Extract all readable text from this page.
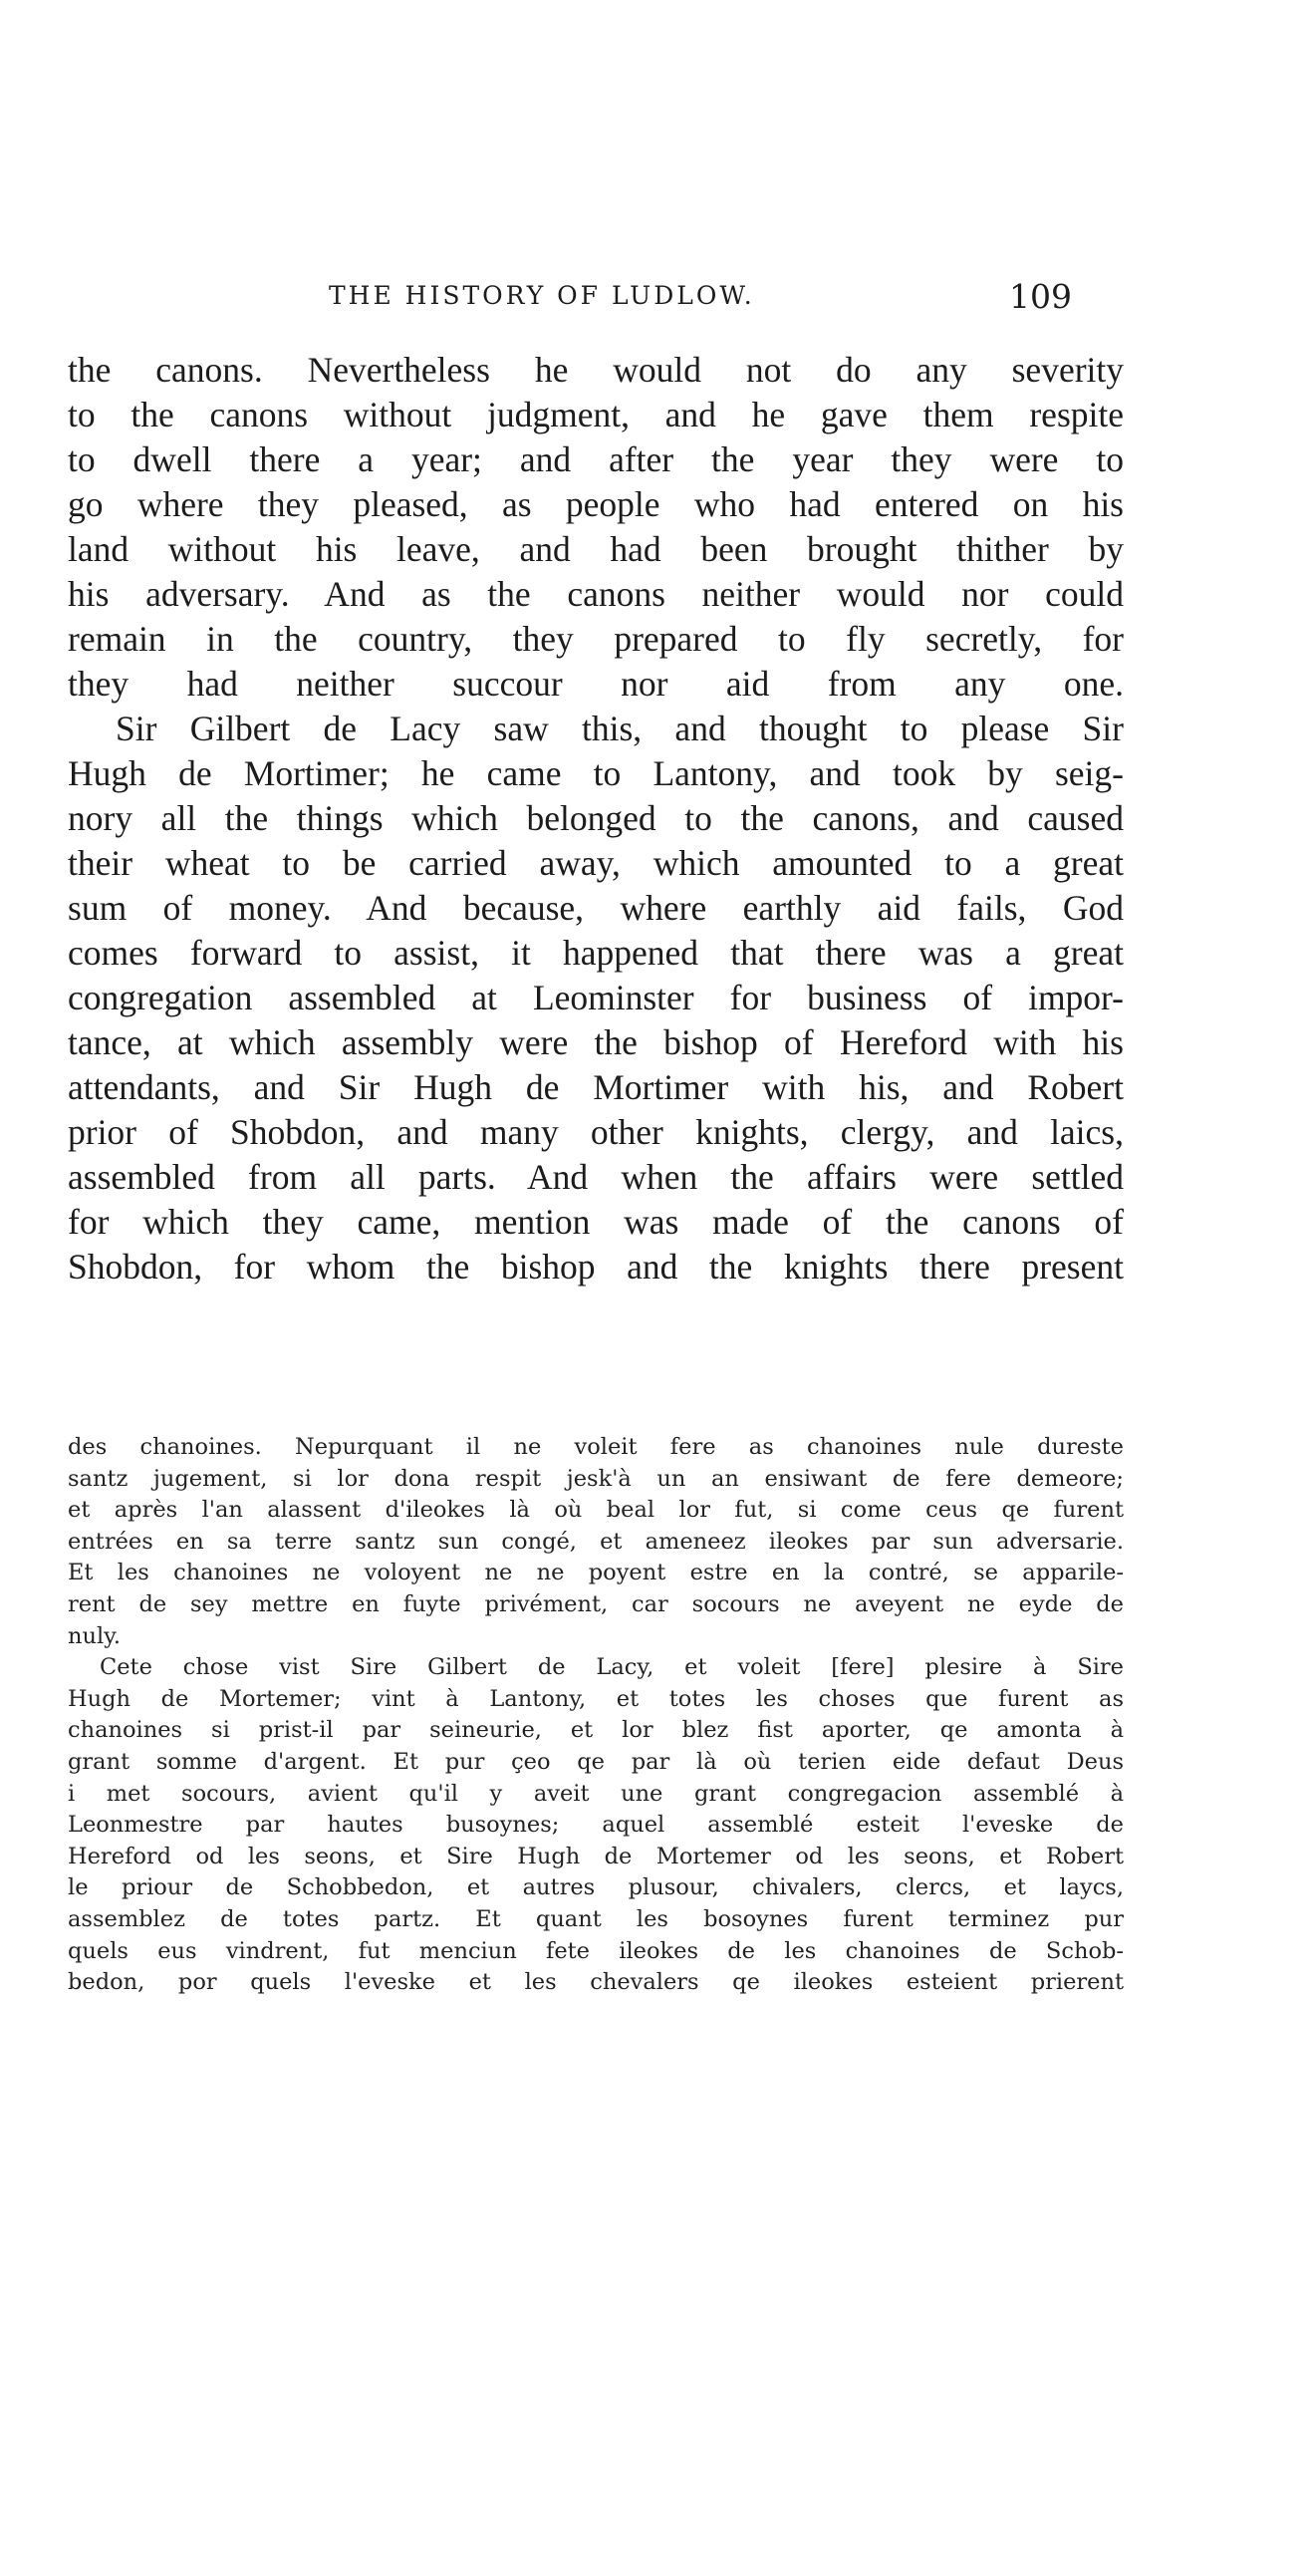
THE HISTORY OF LUDLOW.	109

the canons. Nevertheless he would not do any severity
to the canons without judgment, and he gave them respite
to dwell there a year; and after the year they were to
go where they pleased, as people who had entered on his
land without his leave, and had been brought thither by
his adversary. And as the canons neither would nor could
remain in the country, they prepared to fly secretly, for
they had neither succour nor aid from any one.

Sir Gilbert de Lacy saw this, and thought to please Sir
Hugh de Mortimer; he came to Lantony, and took by seig-
nory all the things which belonged to the canons, and caused
their wheat to be carried away, which amounted to a great
sum of money. And because, where earthly aid fails, God
comes forward to assist, it happened that there was a great
congregation assembled at Leominster for business of impor-
tance, at which assembly were the bishop of Hereford with his
attendants, and Sir Hugh de Mortimer with his, and Robert
prior of Shobdon, and many other knights, clergy, and laics,
assembled from all parts. And when the affairs were settled
for which they came, mention was made of the canons of
Shobdon, for whom the bishop and the knights there present

des chanoines. Nepurquant il ne voleit fere as chanoines nule dureste
santz jugement, si lor dona respit jesk'à un an ensiwant de fere demeore;
et après l'an alassent d'ileokes là où beal lor fut, si come ceus qe furent
entrées en sa terre santz sun congé, et ameneez ileokes par sun adversarie.
Et les chanoines ne voloyent ne ne poyent estre en la contré, se apparile-
rent de sey mettre en fuyte privément, car socours ne aveyent ne eyde de
nuly.

Cete chose vist Sire Gilbert de Lacy, et voleit [fere] plesire à Sire
Hugh de Mortemer; vint à Lantony, et totes les choses que furent as
chanoines si prist-il par seineurie, et lor blez fist aporter, qe amonta à
grant somme d'argent. Et pur çeo qe par là où terien eide defaut Deus
i met socours, avient qu'il y aveit une grant congregacion assemblé à
Leonmestre par hautes busoynes; aquel assemblé esteit l'eveske de
Hereford od les seons, et Sire Hugh de Mortemer od les seons, et Robert
le priour de Schobbedon, et autres plusour, chivalers, clercs, et laycs,
assemblez de totes partz. Et quant les bosoynes furent terminez pur
quels eus vindrent, fut menciun fete ileokes de les chanoines de Schob-
bedon, por quels l'eveske et les chevalers qe ileokes esteient prierent
